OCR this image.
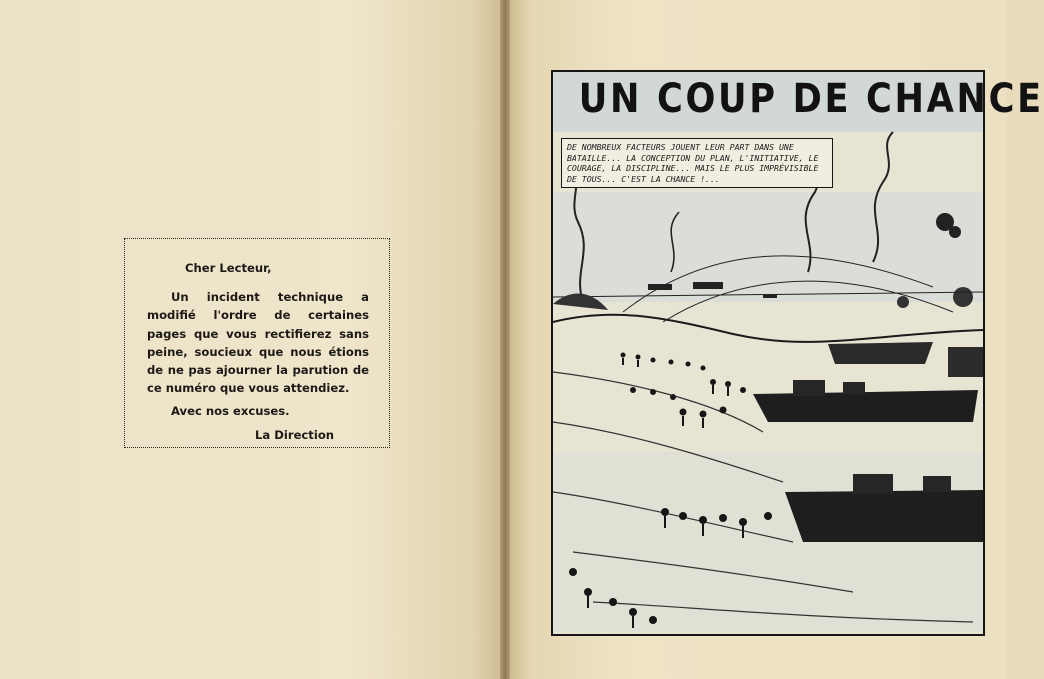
Cher Lecteur,

Un incident technique a modifié l'ordre de certaines pages que vous rectifierez sans peine, soucieux que nous étions de ne pas ajourner la parution de ce numéro que vous attendiez.

Avec nos excuses.
La Direction
UN COUP DE CHANCE
DE NOMBREUX FACTEURS JOUENT LEUR PART DANS UNE BATAILLE... LA CONCEPTION DU PLAN, L'INITIATIVE, LE COURAGE, LA DISCIPLINE... MAIS LE PLUS IMPRÉVISIBLE DE TOUS... C'EST LA CHANCE !...
